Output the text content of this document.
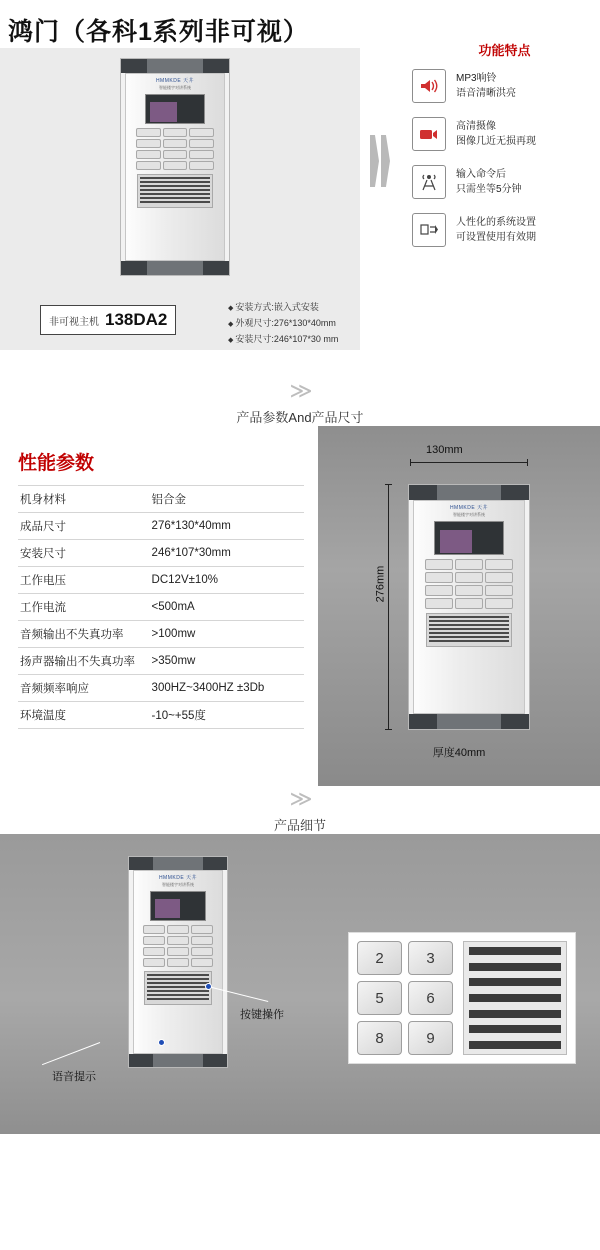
鸿门（各科1系列非可视）
HMMKDE 天井
智能楼宇对讲系统
非可视主机 138DA2
◆ 安装方式:嵌入式安装
◆ 外观尺寸:276*130*40mm
◆ 安装尺寸:246*107*30 mm
功能特点
MP3响铃
语音清晰洪亮
高清摄像
图像几近无损再现
输入命令后
只需坐等5分钟
人性化的系统设置
可设置使用有效期
≫
产品参数And产品尺寸
性能参数
机身材料	铝合金
成品尺寸	276*130*40mm
安装尺寸	246*107*30mm
工作电压	DC12V±10%
工作电流	<500mA
音频输出不失真功率	>100mw
扬声器输出不失真功率	>350mw
音频频率响应	300HZ~3400HZ ±3Db
环境温度	-10~+55度
130mm
276mm
HMMKDE 天井
智能楼宇对讲系统
厚度40mm
≫
产品细节
HMMKDE 天井
智能楼宇对讲系统
按键操作
语音提示
2	3
5	6
8	9
